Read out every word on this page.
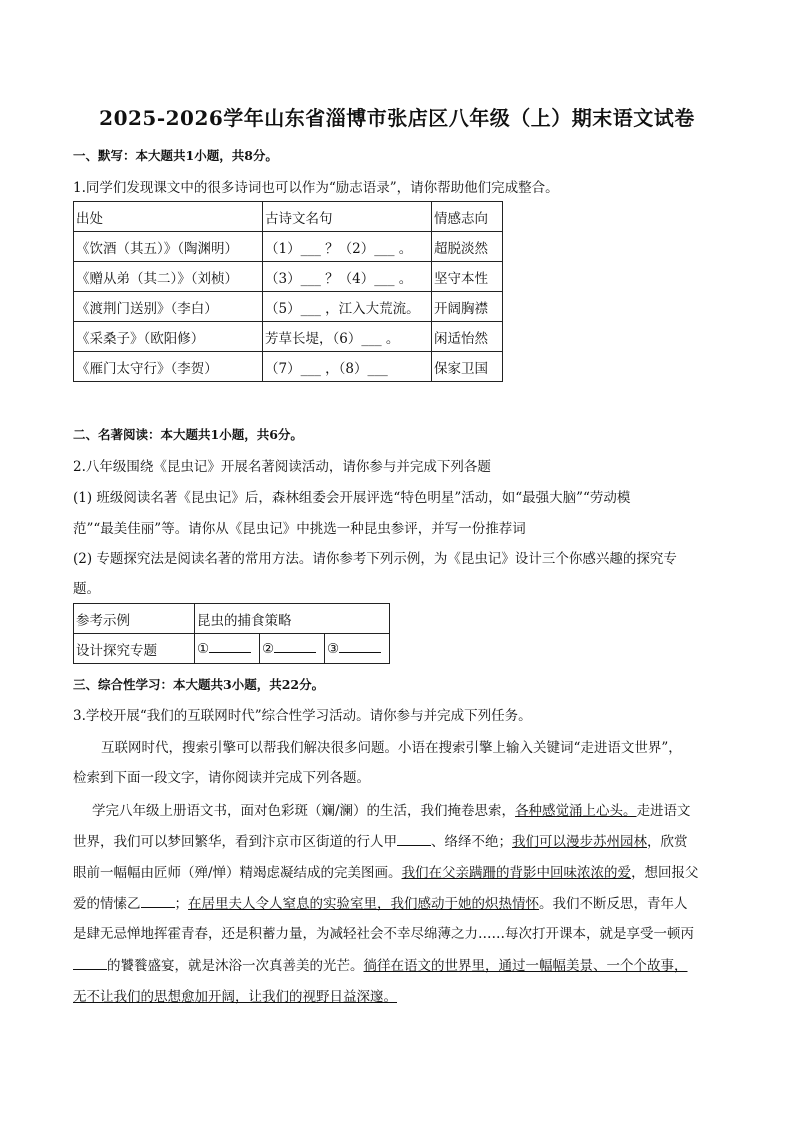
2025-2026学年山东省淄博市张店区八年级（上）期末语文试卷
一、默写：本大题共1小题，共8分。
1.同学们发现课文中的很多诗词也可以作为“励志语录”，请你帮助他们完成整合。
出处	古诗文名句	情感志向
《饮酒（其五）》（陶渊明）	（1）___ ？（2）___ 。	超脱淡然
《赠从弟（其二）》（刘桢）	（3）___ ？（4）___ 。	坚守本性
《渡荆门送别》（李白）	（5）___ ，江入大荒流。	开阔胸襟
《采桑子》（欧阳修）	芳草长堤，（6）___ 。	闲适怡然
《雁门太守行》（李贺）	（7）___ ，（8）___	保家卫国
二、名著阅读：本大题共1小题，共6分。
2.八年级围绕《昆虫记》开展名著阅读活动，请你参与并完成下列各题
(1) 班级阅读名著《昆虫记》后，森林组委会开展评选“特色明星”活动，如“最强大脑”“劳动模
范”“最美佳丽”等。请你从《昆虫记》中挑选一种昆虫参评，并写一份推荐词
(2) 专题探究法是阅读名著的常用方法。请你参考下列示例，为《昆虫记》设计三个你感兴趣的探究专
题。
参考示例	昆虫的捕食策略		
设计探究专题	①	②	③
三、综合性学习：本大题共3小题，共22分。
3.学校开展“我们的互联网时代”综合性学习活动。请你参与并完成下列任务。
互联网时代，搜索引擎可以帮我们解决很多问题。小语在搜索引擎上输入关键词“走进语文世界”，
检索到下面一段文字，请你阅读并完成下列各题。
学完八年级上册语文书，面对色彩斑（斓/澜）的生活，我们掩卷思索，各种感觉涌上心头。走进语文
世界，我们可以梦回繁华，看到汴京市区街道的行人甲	、络绎不绝；我们可以漫步苏州园林，欣赏
眼前一幅幅由匠师（殚/惮）精竭虑凝结成的完美图画。我们在父亲蹒跚的背影中回味浓浓的爱，想回报父
爱的情愫乙	；在居里夫人令人窒息的实验室里，我们感动于她的炽热情怀。我们不断反思，青年人
是肆无忌惮地挥霍青春，还是积蓄力量，为减轻社会不幸尽绵薄之力……每次打开课本，就是享受一顿丙
的饕餮盛宴，就是沐浴一次真善美的光芒。徜徉在语文的世界里，通过一幅幅美景、一个个故事，
无不让我们的思想愈加开阔，让我们的视野日益深邃。
